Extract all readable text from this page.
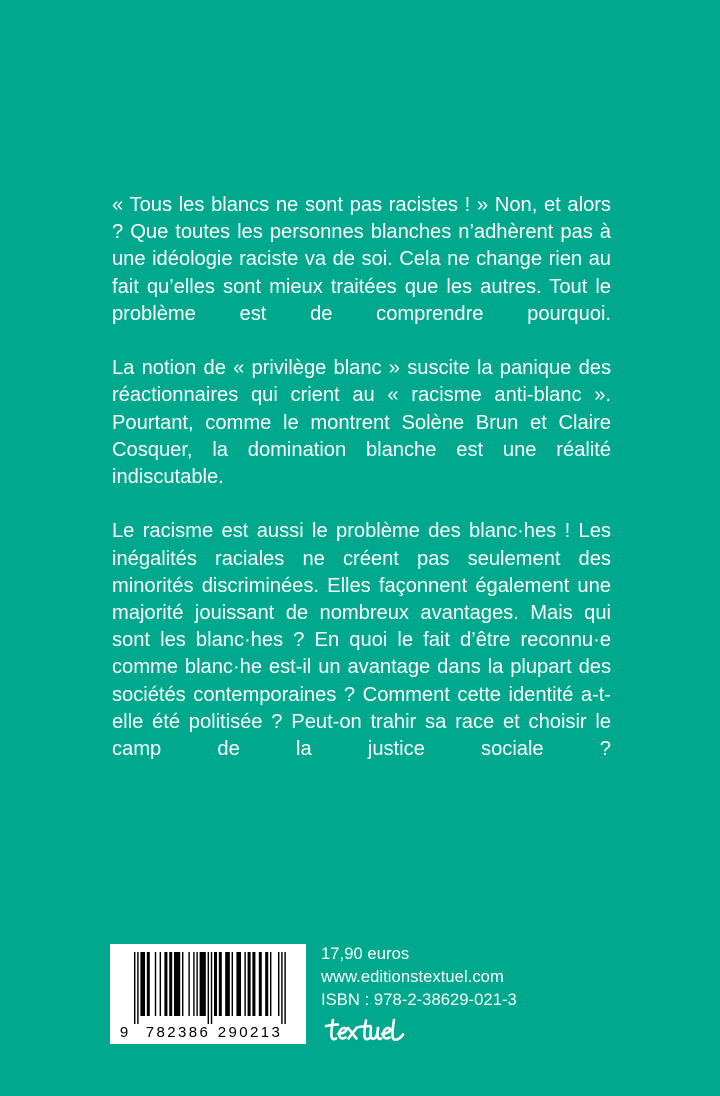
« Tous les blancs ne sont pas racistes ! » Non, et alors ? Que toutes les personnes blanches n’adhèrent pas à une idéologie raciste va de soi. Cela ne change rien au fait qu’elles sont mieux traitées que les autres. Tout le problème est de comprendre pourquoi.

La notion de « privilège blanc » suscite la panique des réactionnaires qui crient au « racisme anti-blanc ». Pourtant, comme le montrent Solène Brun et Claire Cosquer, la domination blanche est une réalité indiscutable.

Le racisme est aussi le problème des blanc·hes ! Les inégalités raciales ne créent pas seulement des minorités discriminées. Elles façonnent également une majorité jouissant de nombreux avantages. Mais qui sont les blanc·hes ? En quoi le fait d’être reconnu·e comme blanc·he est-il un avantage dans la plupart des sociétés contemporaines ? Comment cette identité a-t-elle été politisée ? Peut-on trahir sa race et choisir le camp de la justice sociale ?

9 782386 290213
17,90 euros
www.editionstextuel.com
ISBN : 978-2-38629-021-3
